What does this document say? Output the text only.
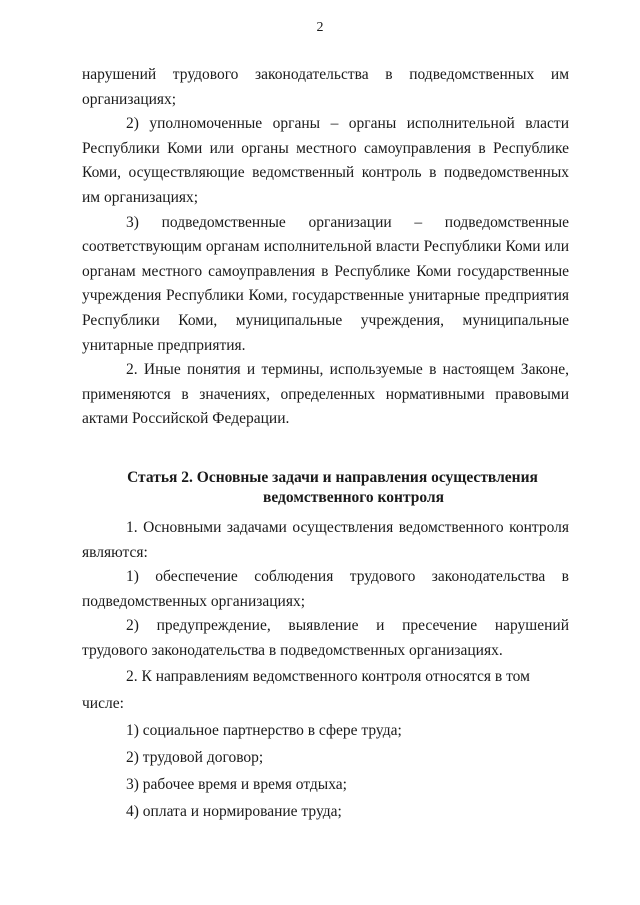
2

нарушений трудового законодательства в подведомственных им организациях;

2) уполномоченные органы – органы исполнительной власти Республики Коми или органы местного самоуправления в Республике Коми, осуществляющие ведомственный контроль в подведомственных им организациях;

3) подведомственные организации – подведомственные соответствующим органам исполнительной власти Республики Коми или органам местного самоуправления в Республике Коми государственные учреждения Республики Коми, государственные унитарные предприятия Республики Коми, муниципальные учреждения, муниципальные унитарные предприятия.

2. Иные понятия и термины, используемые в настоящем Законе, применяются в значениях, определенных нормативными правовыми актами Российской Федерации.

Статья 2. Основные задачи и направления осуществления
ведомственного контроля

1. Основными задачами осуществления ведомственного контроля являются:

1) обеспечение соблюдения трудового законодательства в подведомственных организациях;

2) предупреждение, выявление и пресечение нарушений трудового законодательства в подведомственных организациях.

2. К направлениям ведомственного контроля относятся в том числе:

1) социальное партнерство в сфере труда;

2) трудовой договор;

3) рабочее время и время отдыха;

4) оплата и нормирование труда;
